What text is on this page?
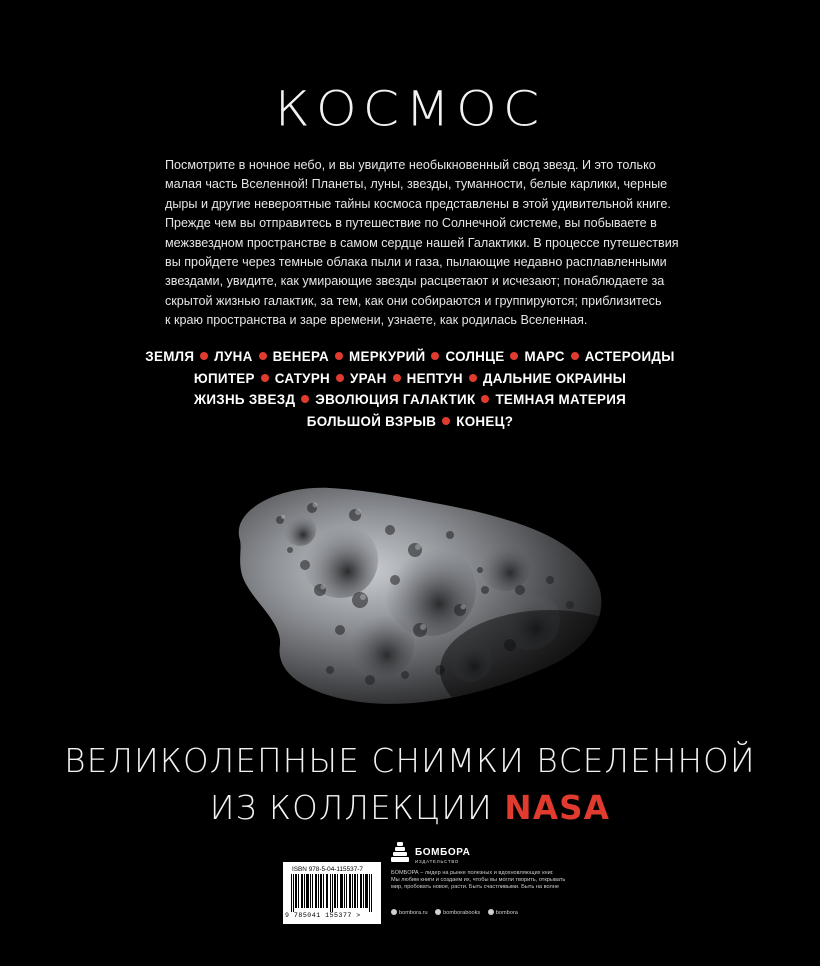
КОСМОС
Посмотрите в ночное небо, и вы увидите необыкновенный свод звезд. И это только
малая часть Вселенной! Планеты, луны, звезды, туманности, белые карлики, черные
дыры и другие невероятные тайны космоса представлены в этой удивительной книге.
Прежде чем вы отправитесь в путешествие по Солнечной системе, вы побываете в
межзвездном пространстве в самом сердце нашей Галактики. В процессе путешествия
вы пройдете через темные облака пыли и газа, пылающие недавно расплавленными
звездами, увидите, как умирающие звезды расцветают и исчезают; понаблюдаете за
скрытой жизнью галактик, за тем, как они собираются и группируются; приблизитесь
к краю пространства и заре времени, узнаете, как родилась Вселенная.
ЗЕМЛЯ ЛУНА ВЕНЕРА МЕРКУРИЙ СОЛНЦЕ МАРС АСТЕРОИДЫ
ЮПИТЕР САТУРН УРАН НЕПТУН ДАЛЬНИЕ ОКРАИНЫ
ЖИЗНЬ ЗВЕЗД ЭВОЛЮЦИЯ ГАЛАКТИК ТЕМНАЯ МАТЕРИЯ
БОЛЬШОЙ ВЗРЫВ КОНЕЦ?
ВЕЛИКОЛЕПНЫЕ СНИМКИ ВСЕЛЕННОЙ
ИЗ КОЛЛЕКЦИИ NASA
ISBN 978-5-04-115537-7
9 785041 155377 >
БОМБОРА
ИЗДАТЕЛЬСТВО
БОМБОРА – лидер на рынке полезных и вдохновляющих книг.
Мы любим книги и создаем их, чтобы вы могли творить, открывать
мир, пробовать новое, расти. Быть счастливыми. Быть на волне
bombora.ru	bomborabooks	bombora
